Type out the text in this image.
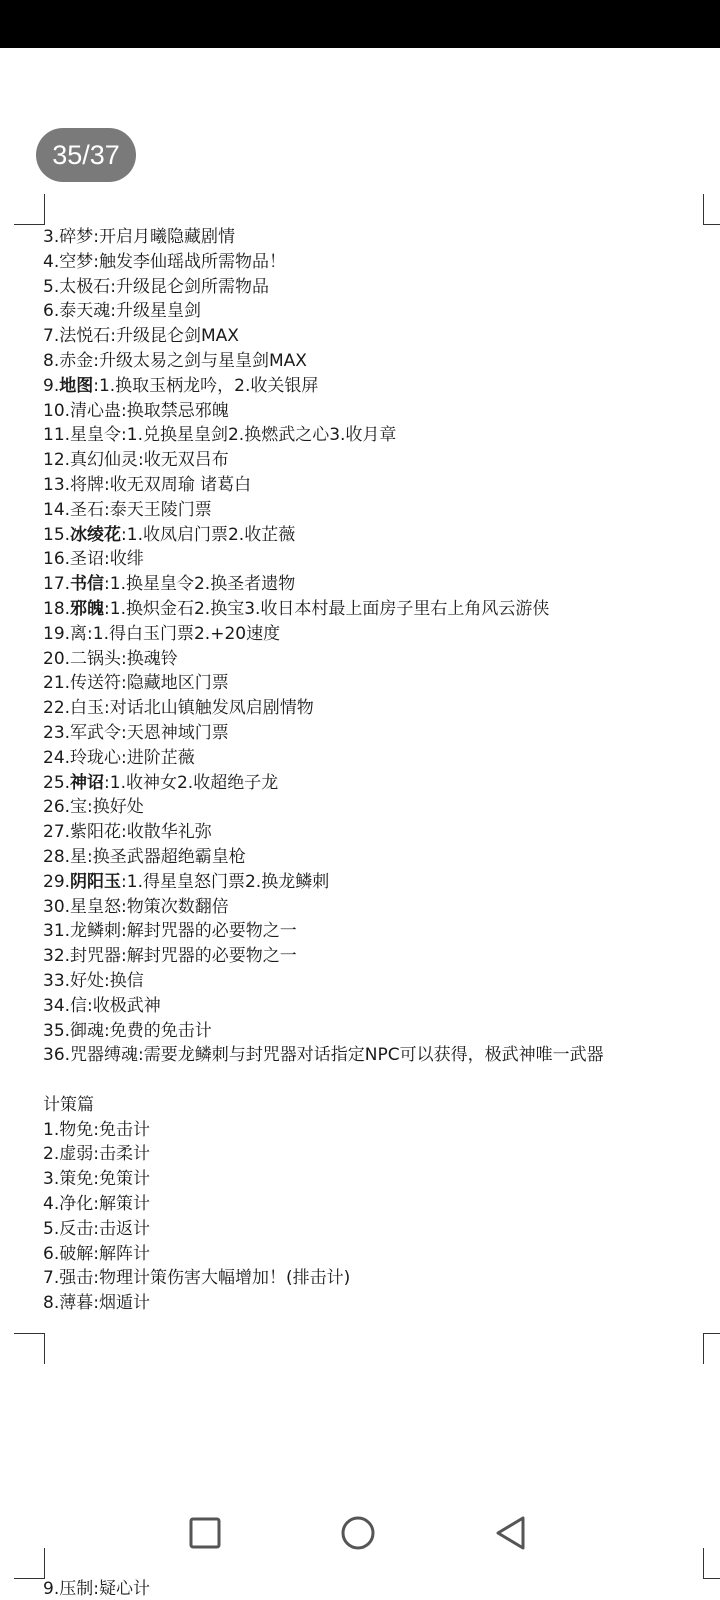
35/37
3.碎梦:开启月曦隐藏剧情
4.空梦:触发李仙瑶战所需物品！
5.太极石:升级昆仑剑所需物品
6.泰天魂:升级星皇剑
7.法悦石:升级昆仑剑MAX
8.赤金:升级太易之剑与星皇剑MAX
9.地图:1.换取玉柄龙吟，2.收关银屏
10.清心蛊:换取禁忌邪魄
11.星皇令:1.兑换星皇剑2.换燃武之心3.收月章
12.真幻仙灵:收无双吕布
13.将牌:收无双周瑜 诸葛白
14.圣石:泰天王陵门票
15.冰绫花:1.收凤启门票2.收芷薇
16.圣诏:收绯
17.书信:1.换星皇令2.换圣者遗物
18.邪魄:1.换炽金石2.换宝3.收日本村最上面房子里右上角风云游侠
19.离:1.得白玉门票2.+20速度
20.二锅头:换魂铃
21.传送符:隐藏地区门票
22.白玉:对话北山镇触发凤启剧情物
23.军武令:天恩神域门票
24.玲珑心:进阶芷薇
25.神诏:1.收神女2.收超绝子龙
26.宝:换好处
27.紫阳花:收散华礼弥
28.星:换圣武器超绝霸皇枪
29.阴阳玉:1.得星皇怒门票2.换龙鳞刺
30.星皇怒:物策次数翻倍
31.龙鳞刺:解封咒器的必要物之一
32.封咒器:解封咒器的必要物之一
33.好处:换信
34.信:收极武神
35.御魂:免费的免击计
36.咒器缚魂:需要龙鳞刺与封咒器对话指定NPC可以获得，极武神唯一武器
计策篇
1.物免:免击计
2.虚弱:击柔计
3.策免:免策计
4.净化:解策计
5.反击:击返计
6.破解:解阵计
7.强击:物理计策伤害大幅增加！(排击计)
8.薄暮:烟遁计
9.压制:疑心计
